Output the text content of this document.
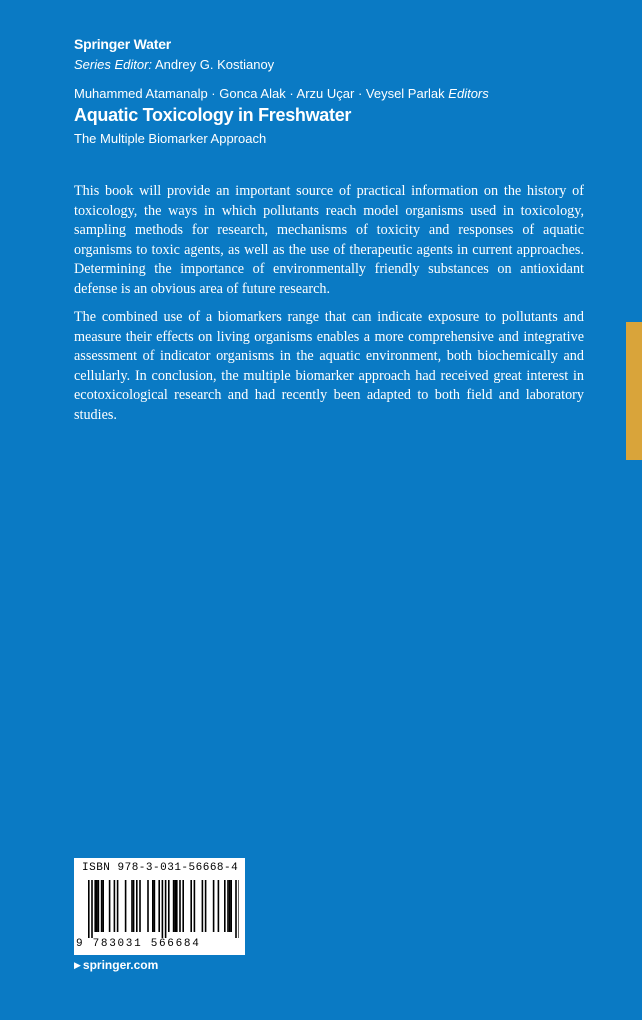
Springer Water
Series Editor: Andrey G. Kostianoy
Muhammed Atamanalp · Gonca Alak · Arzu Uçar · Veysel Parlak Editors
Aquatic Toxicology in Freshwater
The Multiple Biomarker Approach

This book will provide an important source of practical information on the history of toxicology, the ways in which pollutants reach model organisms used in toxicology, sampling methods for research, mechanisms of toxicity and responses of aquatic organisms to toxic agents, as well as the use of therapeutic agents in current approaches. Determining the importance of environmentally friendly substances on antioxidant defense is an obvious area of future research.

The combined use of a biomarkers range that can indicate exposure to pollutants and measure their effects on living organisms enables a more comprehensive and integrative assessment of indicator organisms in the aquatic environment, both biochemically and cellularly. In conclusion, the multiple biomarker approach had received great interest in ecotoxicological research and had recently been adapted to both field and laboratory studies.

ISBN 978-3-031-56668-4
9 783031 566684
▶ springer.com
